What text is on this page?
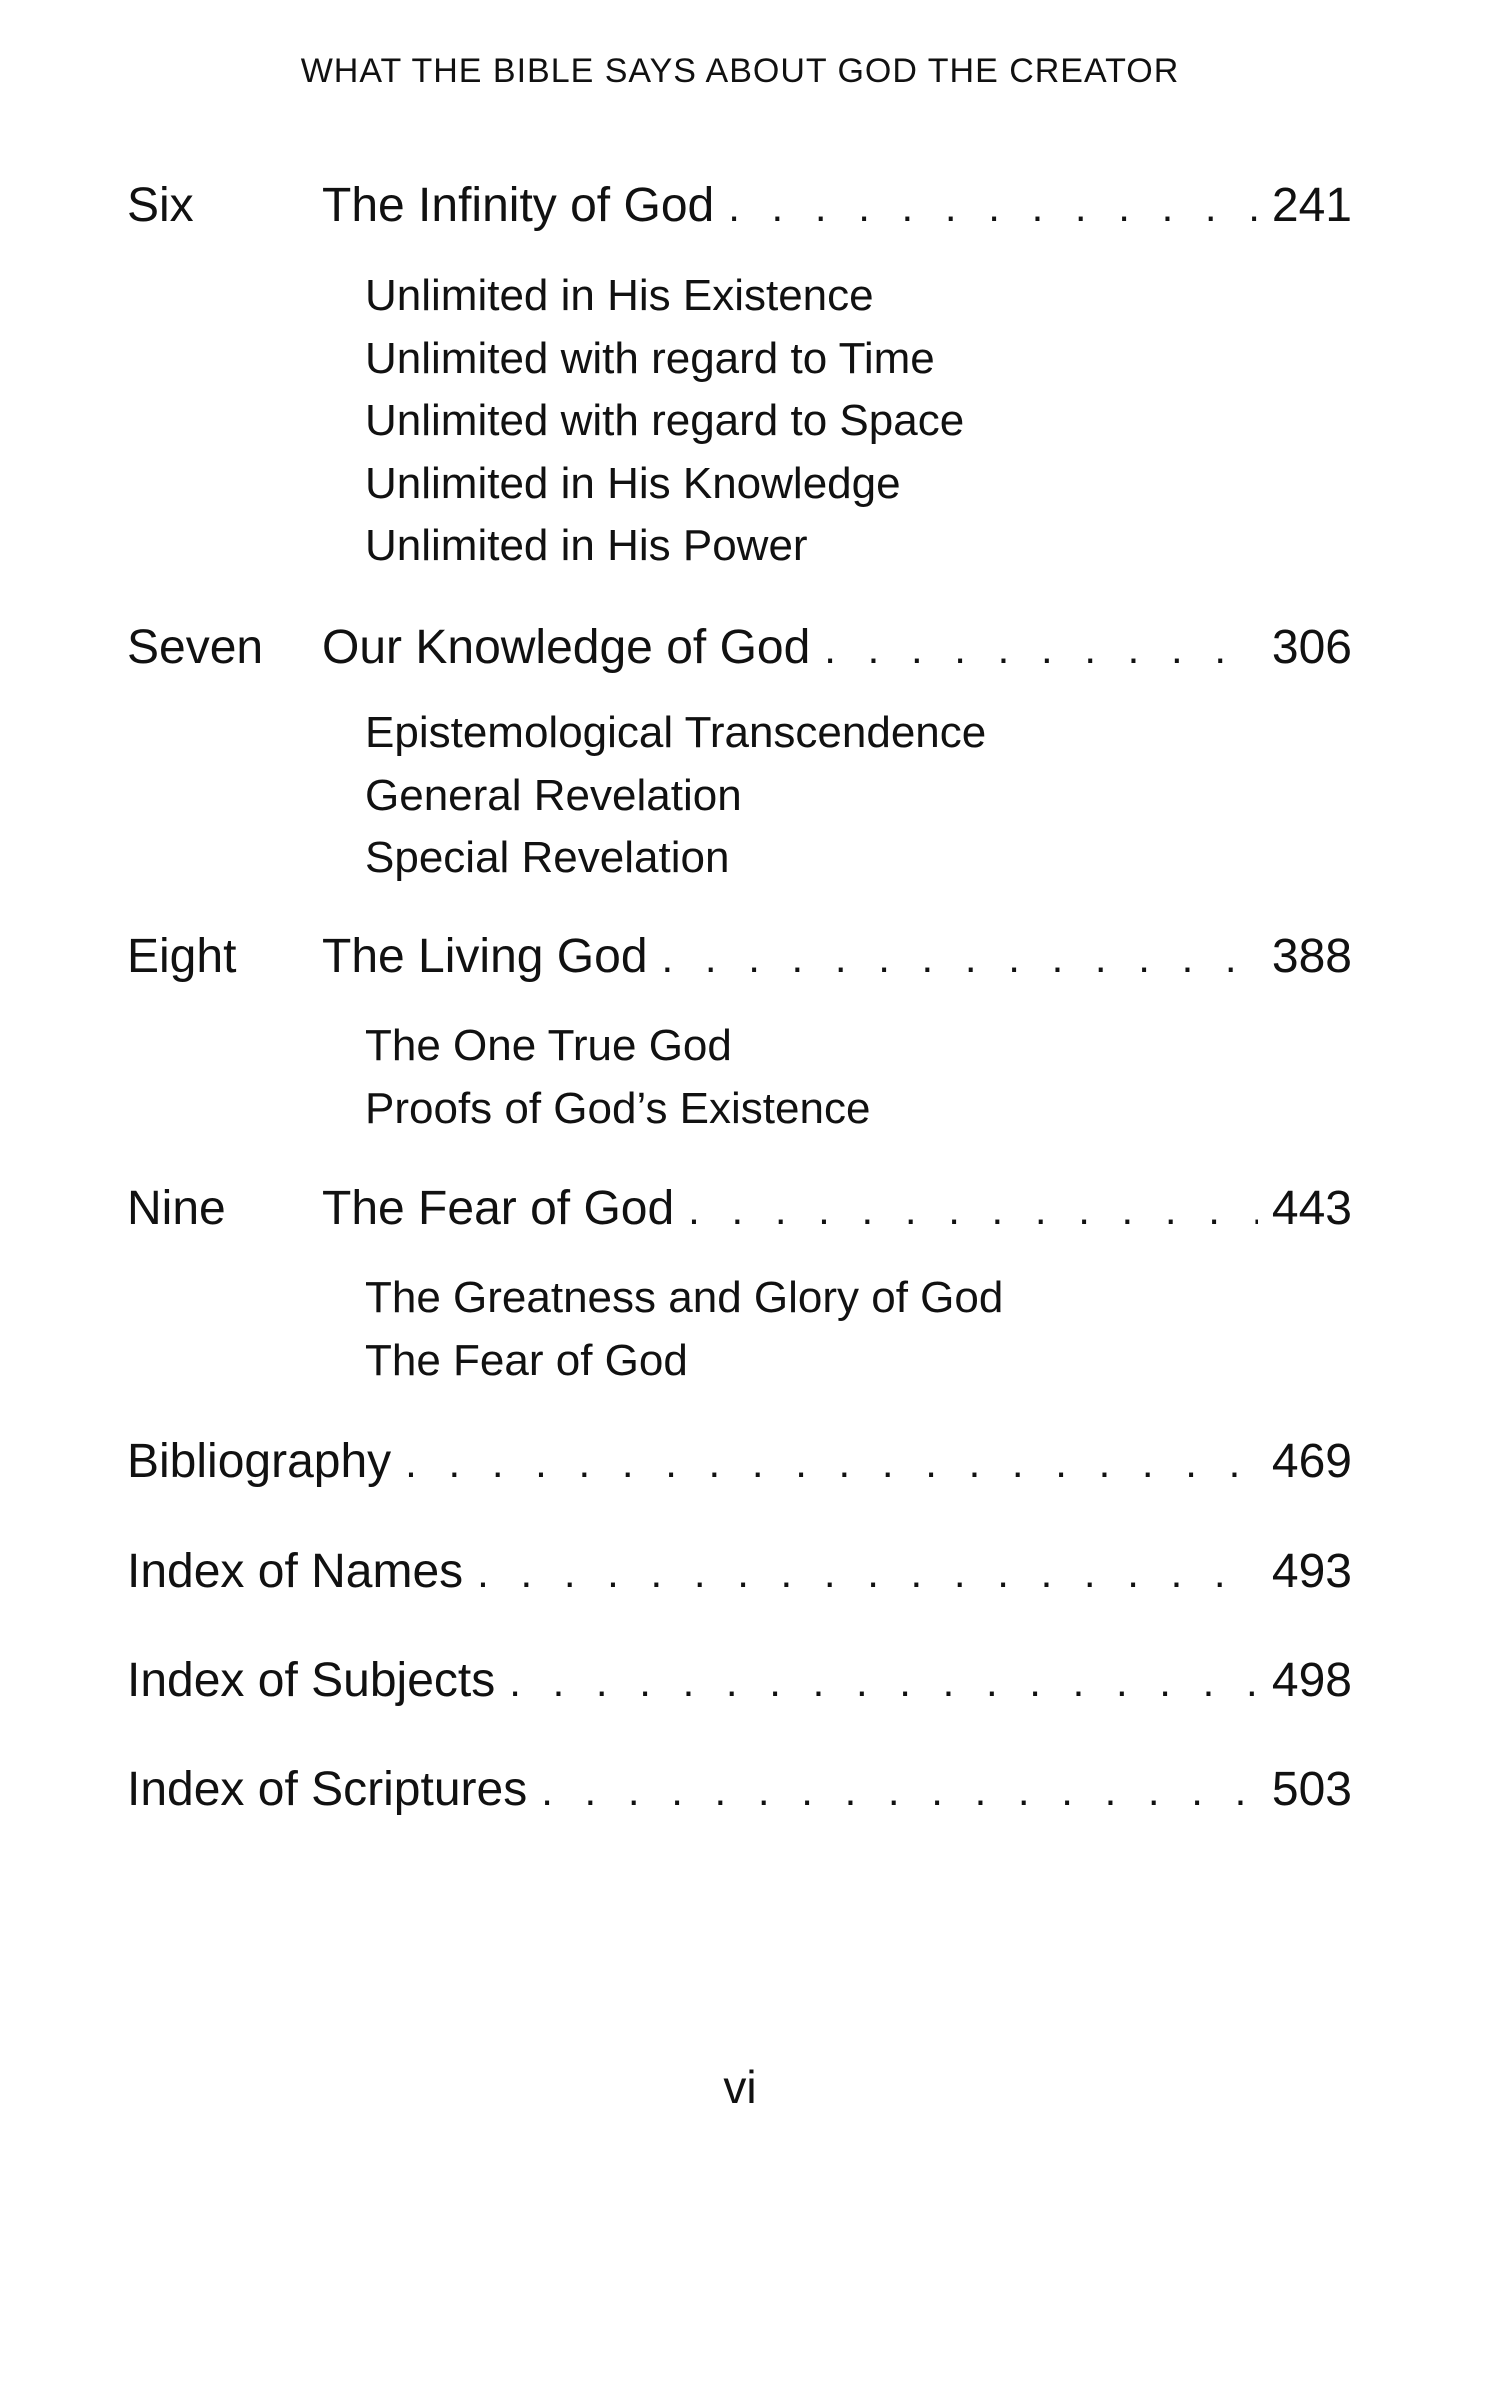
WHAT THE BIBLE SAYS ABOUT GOD THE CREATOR
Six	The Infinity of God . . .	241
Unlimited in His Existence
Unlimited with regard to Time
Unlimited with regard to Space
Unlimited in His Knowledge
Unlimited in His Power
Seven	Our Knowledge of God . . .	306
Epistemological Transcendence
General Revelation
Special Revelation
Eight	The Living God . . .	388
The One True God
Proofs of God’s Existence
Nine	The Fear of God . . .	443
The Greatness and Glory of God
The Fear of God
Bibliography . . .	469
Index of Names . . .	493
Index of Subjects . . .	498
Index of Scriptures . . .	503
vi
